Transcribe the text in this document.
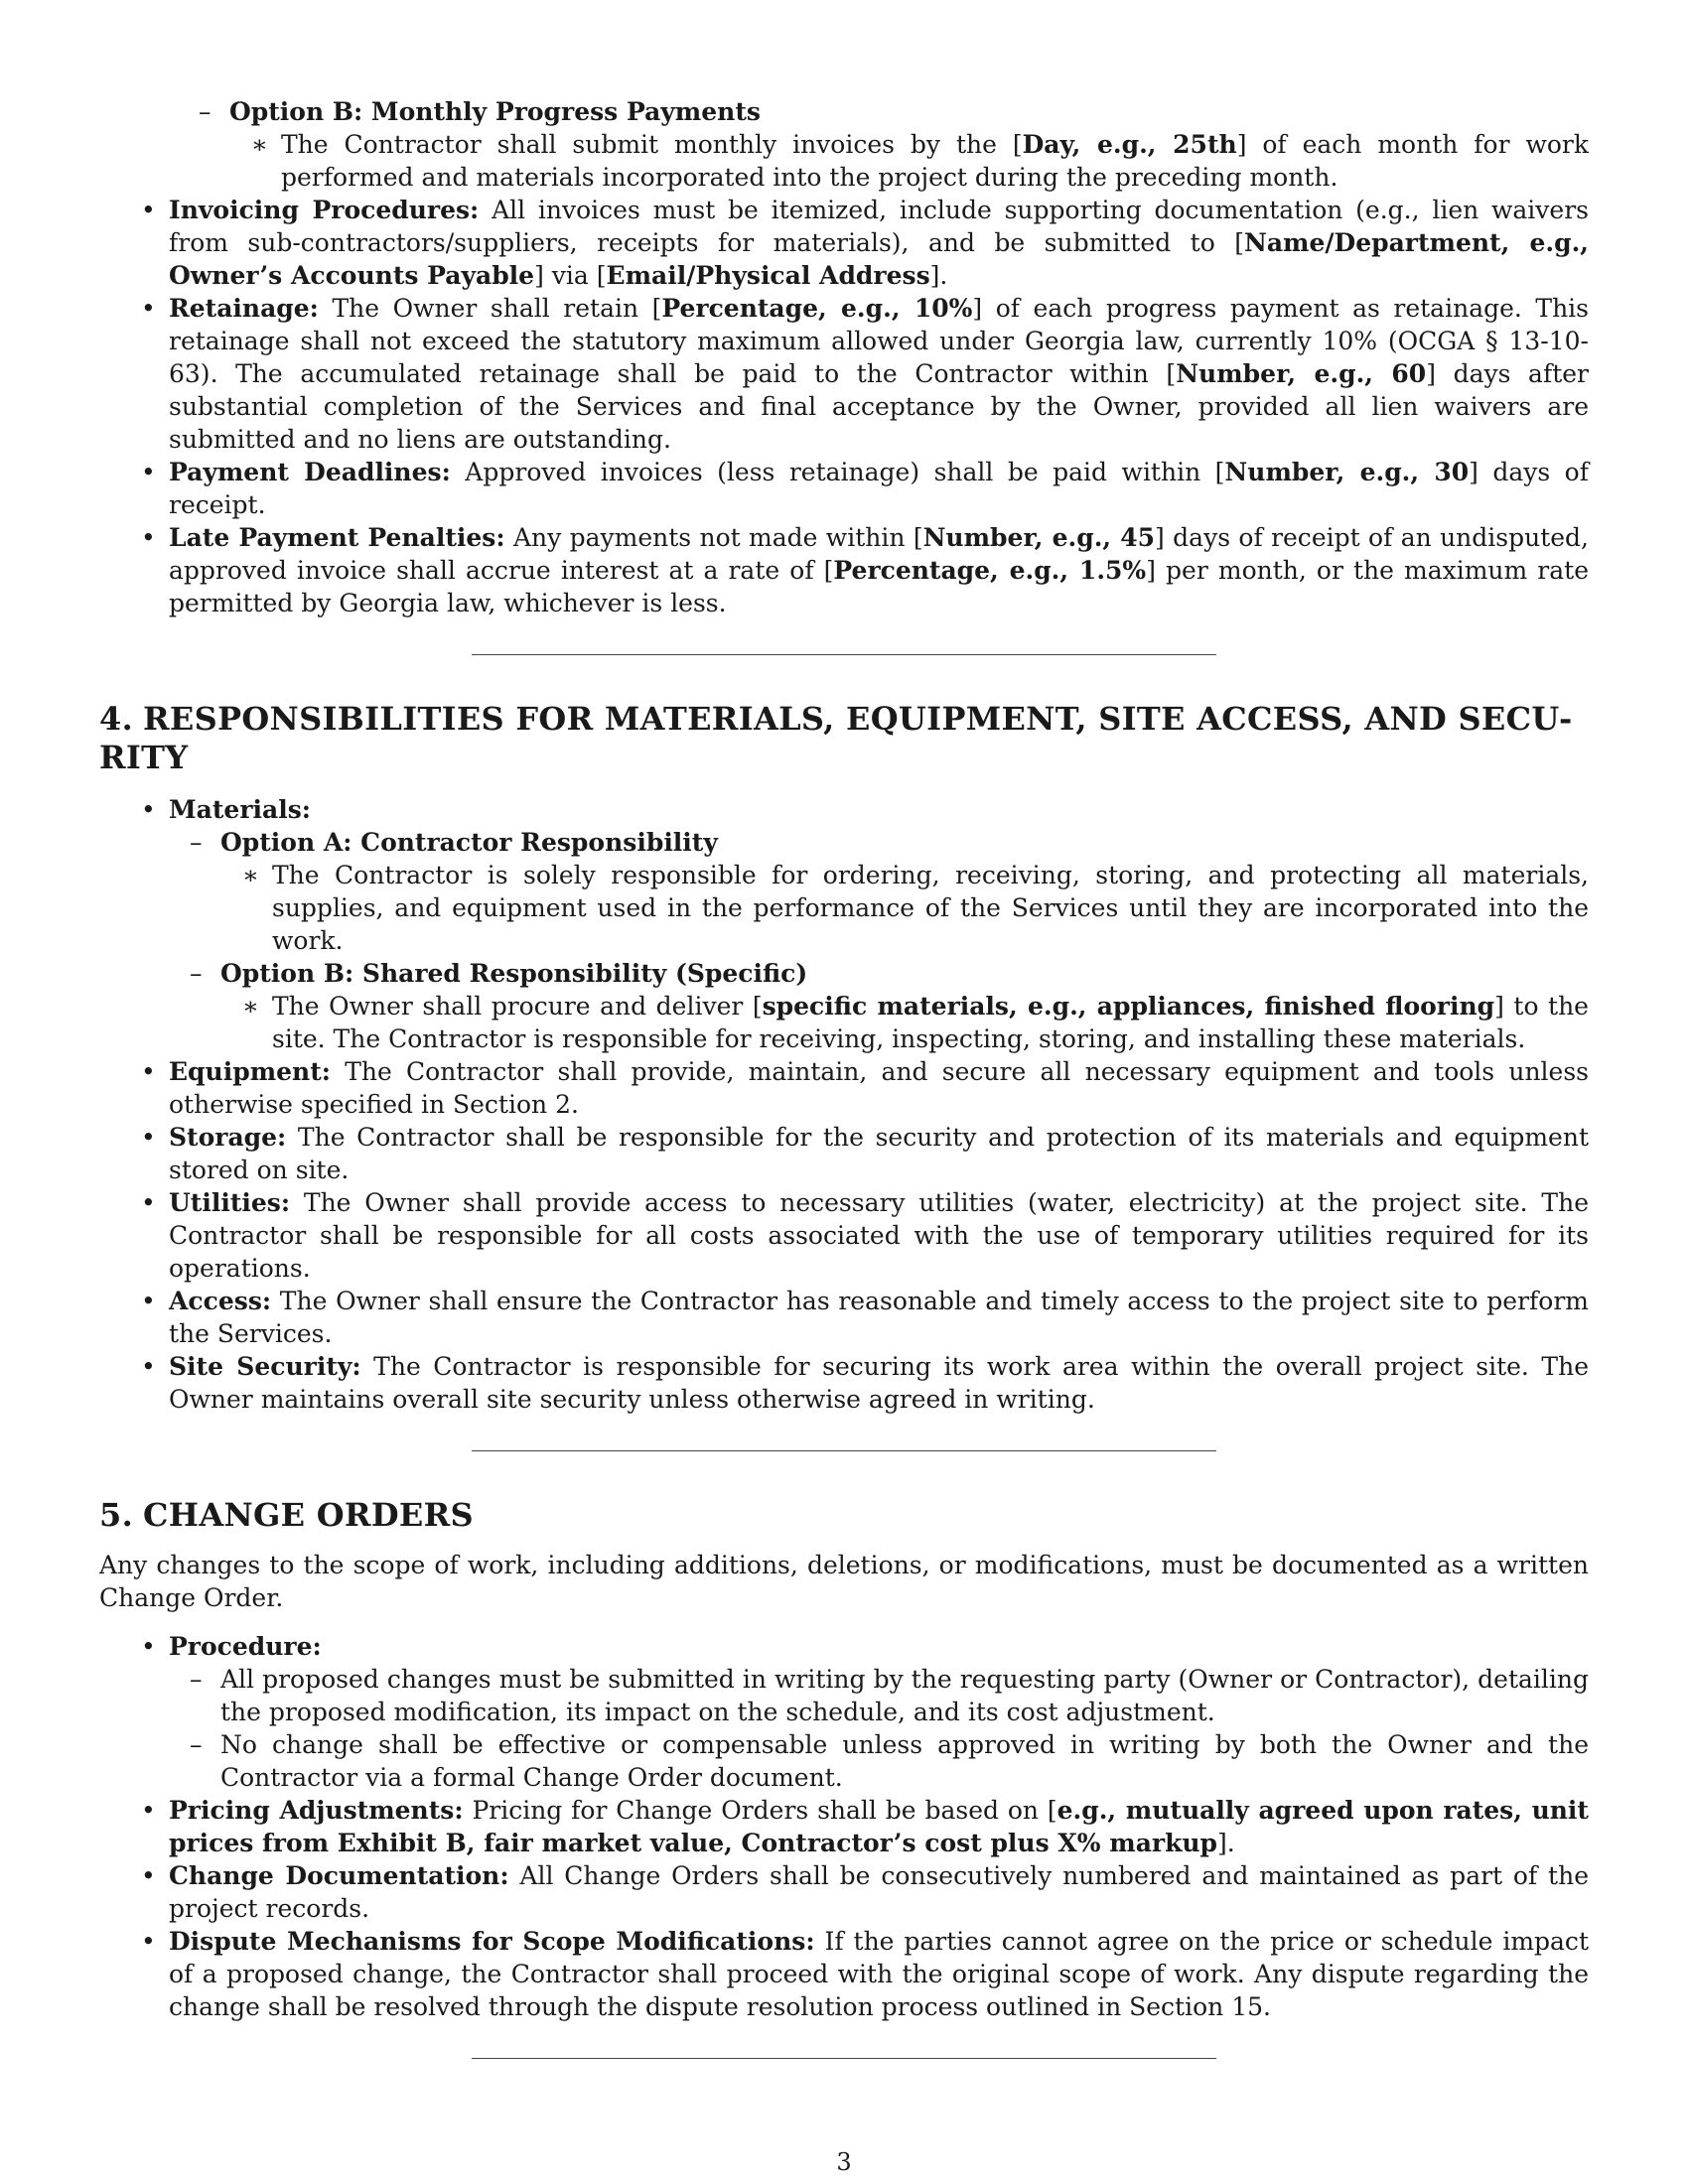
– Option B: Monthly Progress Payments
∗ The Contractor shall submit monthly invoices by the [Day, e.g., 25th] of each month for work performed and materials incorporated into the project during the preceding month.
• Invoicing Procedures: All invoices must be itemized, include supporting documentation (e.g., lien waivers from sub-contractors/suppliers, receipts for materials), and be submitted to [Name/Department, e.g., Owner’s Accounts Payable] via [Email/Physical Address].
• Retainage: The Owner shall retain [Percentage, e.g., 10%] of each progress payment as retainage. This retainage shall not exceed the statutory maximum allowed under Georgia law, currently 10% (OCGA § 13-10-63). The accumulated retainage shall be paid to the Contractor within [Number, e.g., 60] days after substantial completion of the Services and final acceptance by the Owner, provided all lien waivers are submitted and no liens are outstanding.
• Payment Deadlines: Approved invoices (less retainage) shall be paid within [Number, e.g., 30] days of receipt.
• Late Payment Penalties: Any payments not made within [Number, e.g., 45] days of receipt of an undisputed, approved invoice shall accrue interest at a rate of [Percentage, e.g., 1.5%] per month, or the maximum rate permitted by Georgia law, whichever is less.
4. RESPONSIBILITIES FOR MATERIALS, EQUIPMENT, SITE ACCESS, AND SECU-RITY
• Materials:
– Option A: Contractor Responsibility
∗ The Contractor is solely responsible for ordering, receiving, storing, and protecting all materials, supplies, and equipment used in the performance of the Services until they are incorporated into the work.
– Option B: Shared Responsibility (Specific)
∗ The Owner shall procure and deliver [specific materials, e.g., appliances, finished flooring] to the site. The Contractor is responsible for receiving, inspecting, storing, and installing these materials.
• Equipment: The Contractor shall provide, maintain, and secure all necessary equipment and tools unless otherwise specified in Section 2.
• Storage: The Contractor shall be responsible for the security and protection of its materials and equipment stored on site.
• Utilities: The Owner shall provide access to necessary utilities (water, electricity) at the project site. The Contractor shall be responsible for all costs associated with the use of temporary utilities required for its operations.
• Access: The Owner shall ensure the Contractor has reasonable and timely access to the project site to perform the Services.
• Site Security: The Contractor is responsible for securing its work area within the overall project site. The Owner maintains overall site security unless otherwise agreed in writing.
5. CHANGE ORDERS

Any changes to the scope of work, including additions, deletions, or modifications, must be documented as a written Change Order.

• Procedure:
– All proposed changes must be submitted in writing by the requesting party (Owner or Contractor), detailing the proposed modification, its impact on the schedule, and its cost adjustment.
– No change shall be effective or compensable unless approved in writing by both the Owner and the Contractor via a formal Change Order document.
• Pricing Adjustments: Pricing for Change Orders shall be based on [e.g., mutually agreed upon rates, unit prices from Exhibit B, fair market value, Contractor’s cost plus X% markup].
• Change Documentation: All Change Orders shall be consecutively numbered and maintained as part of the project records.
• Dispute Mechanisms for Scope Modifications: If the parties cannot agree on the price or schedule impact of a proposed change, the Contractor shall proceed with the original scope of work. Any dispute regarding the change shall be resolved through the dispute resolution process outlined in Section 15.
3
